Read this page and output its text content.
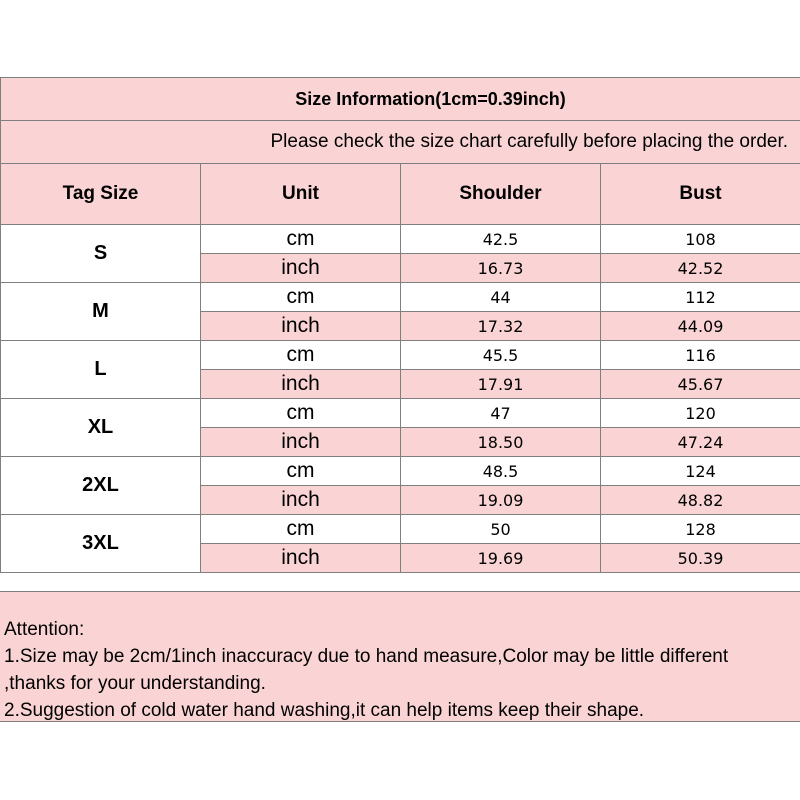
Size Information(1cm=0.39inch)			
Please check the size chart carefully before placing the order.			
Tag Size	Unit	Shoulder	Bust
S	cm	42.5	108
	inch	16.73	42.52
M	cm	44	112
	inch	17.32	44.09
L	cm	45.5	116
	inch	17.91	45.67
XL	cm	47	120
	inch	18.50	47.24
2XL	cm	48.5	124
	inch	19.09	48.82
3XL	cm	50	128
	inch	19.69	50.39
Attention:
1.Size may be 2cm/1inch inaccuracy due to hand measure,Color may be little different
,thanks for your understanding.
2.Suggestion of cold water hand washing,it can help items keep their shape.
